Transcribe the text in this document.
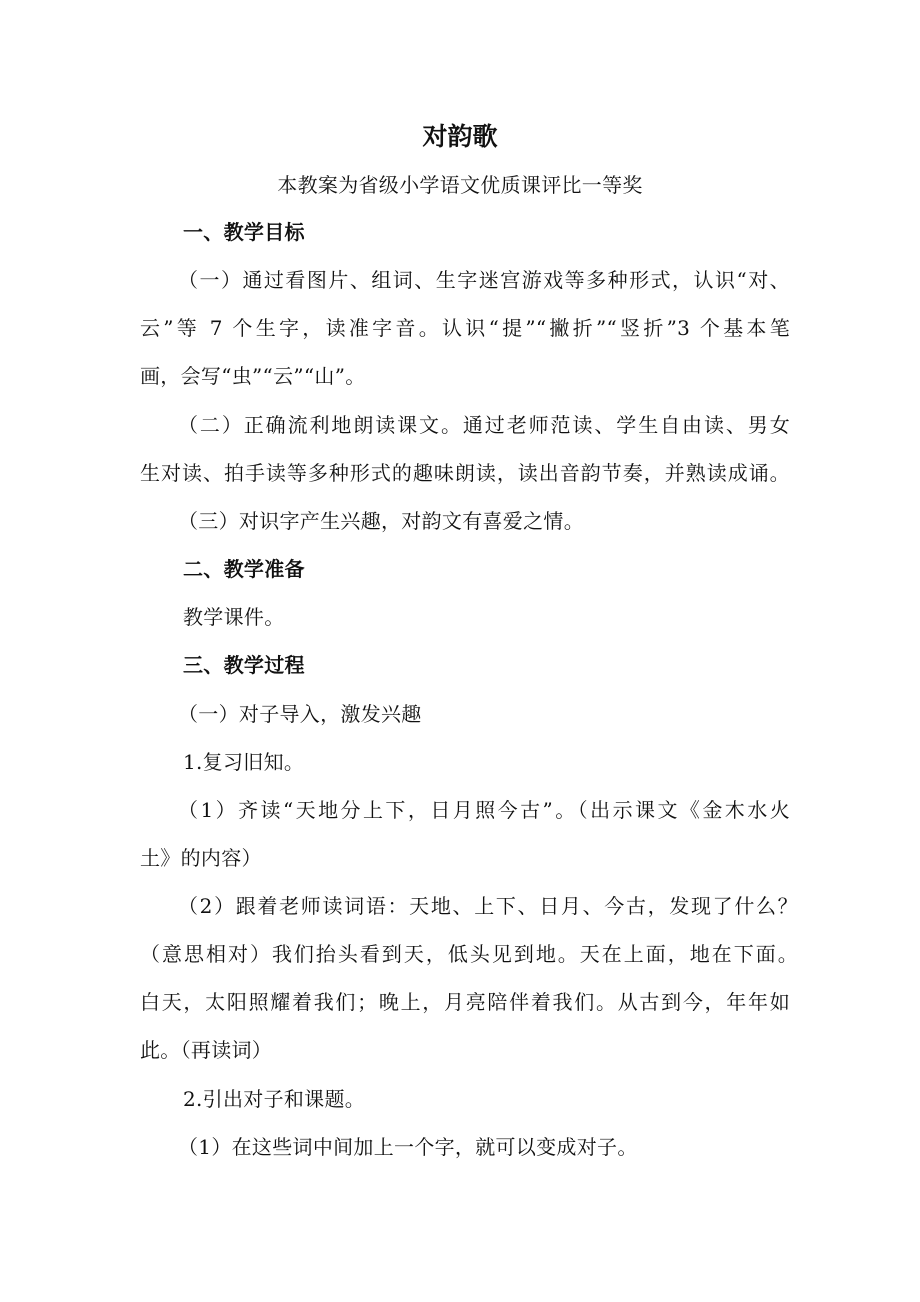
对韵歌
本教案为省级小学语文优质课评比一等奖
一、教学目标
（一）通过看图片、组词、生字迷宫游戏等多种形式，认识“对、
云”等 7 个生字，读准字音。认识“提”“撇折”“竖折”3 个基本笔
画，会写“虫”“云”“山”。
（二）正确流利地朗读课文。通过老师范读、学生自由读、男女
生对读、拍手读等多种形式的趣味朗读，读出音韵节奏，并熟读成诵。
（三）对识字产生兴趣，对韵文有喜爱之情。
二、教学准备
教学课件。
三、教学过程
（一）对子导入，激发兴趣
1.复习旧知。
（1）齐读“天地分上下，日月照今古”。（出示课文《金木水火
土》的内容）
（2）跟着老师读词语：天地、上下、日月、今古，发现了什么？
（意思相对）我们抬头看到天，低头见到地。天在上面，地在下面。
白天，太阳照耀着我们；晚上，月亮陪伴着我们。从古到今，年年如
此。（再读词）
2.引出对子和课题。
（1）在这些词中间加上一个字，就可以变成对子。
